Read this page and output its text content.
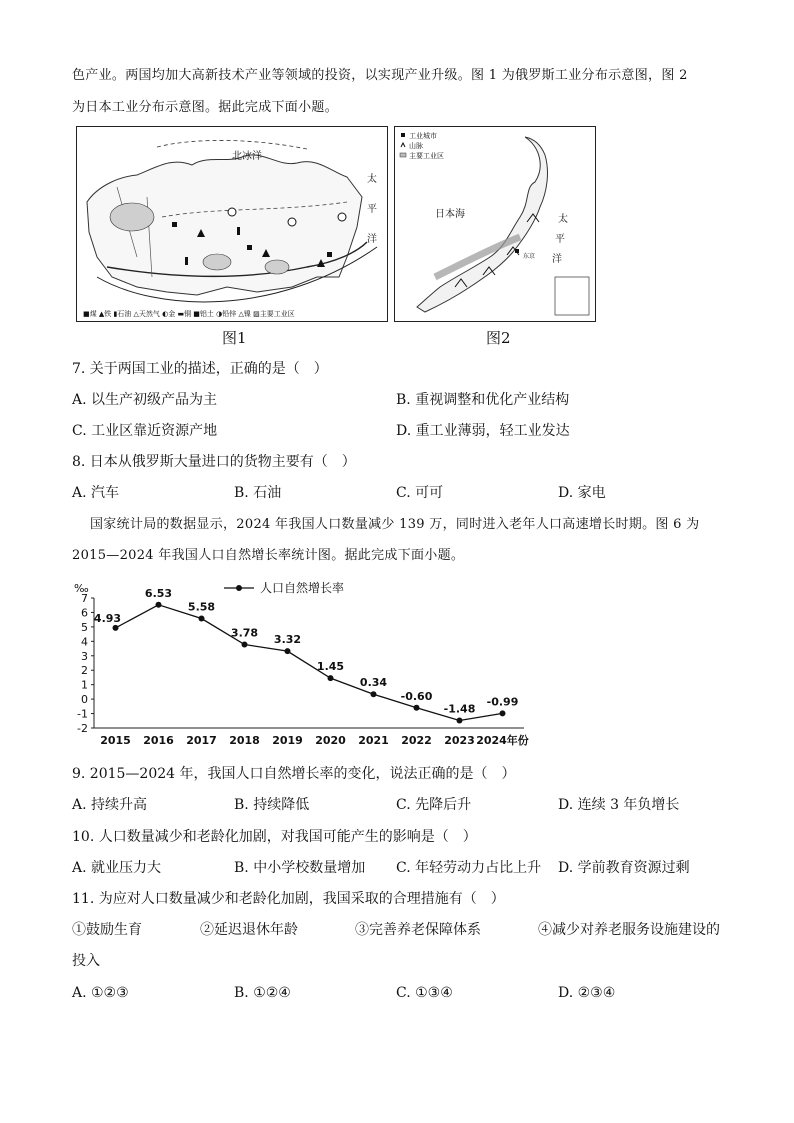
色产业。两国均加大高新技术产业等领域的投资，以实现产业升级。图 1 为俄罗斯工业分布示意图，图 2
为日本工业分布示意图。据此完成下面小题。
北冰洋
太
平
洋
■煤 ▲铁 ▮石油 △天然气 ◐金 ▬铜 ■铝土 ◑铅锌 △镍 ▨主要工业区
图1
工业城市
山脉
主要工业区
东京
日本海	太
平
洋
图2
7. 关于两国工业的描述，正确的是（　）
A. 以生产初级产品为主	B. 重视调整和优化产业结构
C. 工业区靠近资源产地	D. 重工业薄弱，轻工业发达
8. 日本从俄罗斯大量进口的货物主要有（　）
A. 汽车	B. 石油	C. 可可	D. 家电
国家统计局的数据显示，2024 年我国人口数量减少 139 万，同时进入老年人口高速增长时期。图 6 为
2015—2024 年我国人口自然增长率统计图。据此完成下面小题。
-2
-1
0
1
2
3
4
5
6
7
‰
2015 2016 2017 2018 2019 2020 2021 2022 2023 2024年份
人口自然增长率
4.93
6.53
5.58
3.78
3.32
1.45
0.34
-0.60
-1.48
-0.99
9. 2015—2024 年，我国人口自然增长率的变化，说法正确的是（　）
A. 持续升高	B. 持续降低	C. 先降后升	D. 连续 3 年负增长
10. 人口数量减少和老龄化加剧，对我国可能产生的影响是（　）
A. 就业压力大	B. 中小学校数量增加 C. 年轻劳动力占比上升 D. 学前教育资源过剩
11. 为应对人口数量减少和老龄化加剧，我国采取的合理措施有（　）
①鼓励生育	②延迟退休年龄	③完善养老保障体系	④减少对养老服务设施建设的
投入
A. ①②③	B. ①②④	C. ①③④	D. ②③④
